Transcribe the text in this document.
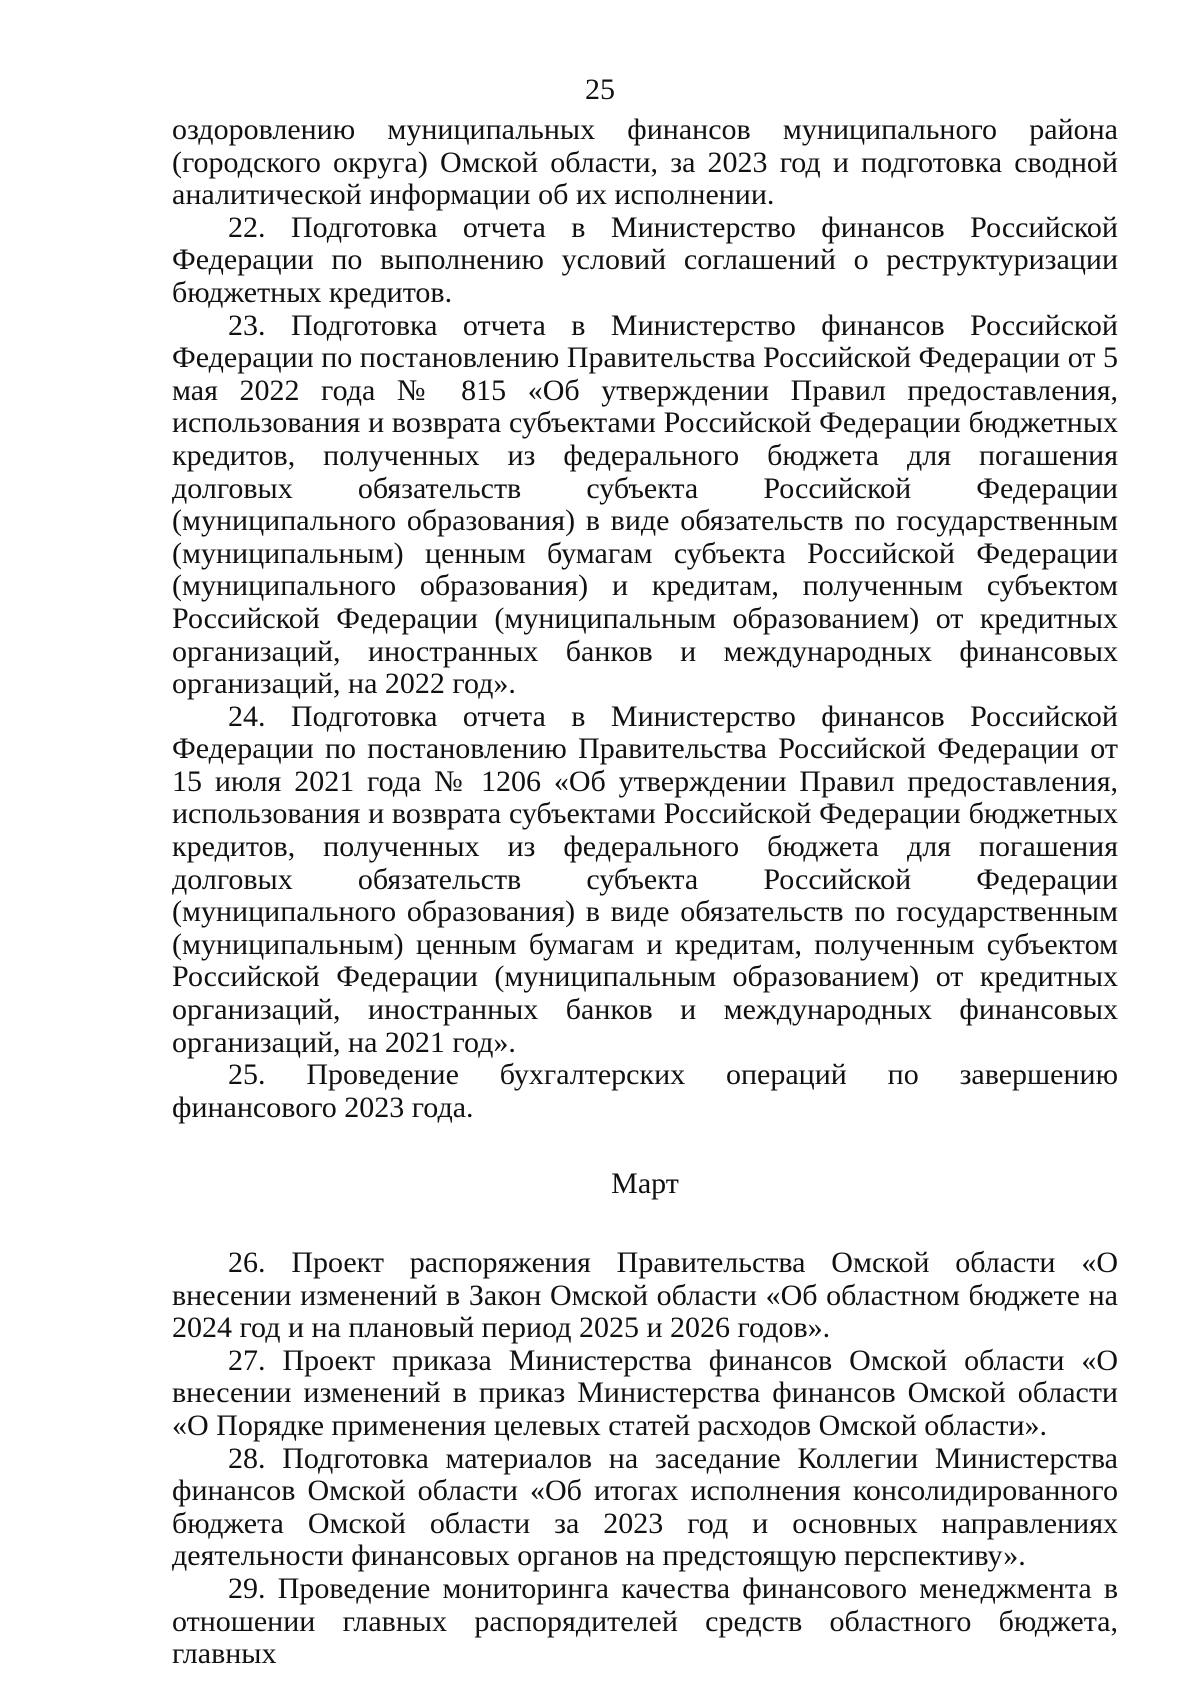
25

оздоровлению муниципальных финансов муниципального района (городского округа) Омской области, за 2023 год и подготовка сводной аналитической информации об их исполнении.

22. Подготовка отчета в Министерство финансов Российской Федерации по выполнению условий соглашений о реструктуризации бюджетных кредитов.

23. Подготовка отчета в Министерство финансов Российской Федерации по постановлению Правительства Российской Федерации от 5 мая 2022 года № 815 «Об утверждении Правил предоставления, использования и возврата субъектами Российской Федерации бюджетных кредитов, полученных из федерального бюджета для погашения долговых обязательств субъекта Российской Федерации (муниципального образования) в виде обязательств по государственным (муниципальным) ценным бумагам субъекта Российской Федерации (муниципального образования) и кредитам, полученным субъектом Российской Федерации (муниципальным образованием) от кредитных организаций, иностранных банков и международных финансовых организаций, на 2022 год».

24. Подготовка отчета в Министерство финансов Российской Федерации по постановлению Правительства Российской Федерации от 15 июля 2021 года № 1206 «Об утверждении Правил предоставления, использования и возврата субъектами Российской Федерации бюджетных кредитов, полученных из федерального бюджета для погашения долговых обязательств субъекта Российской Федерации (муниципального образования) в виде обязательств по государственным (муниципальным) ценным бумагам и кредитам, полученным субъектом Российской Федерации (муниципальным образованием) от кредитных организаций, иностранных банков и международных финансовых организаций, на 2021 год».

25. Проведение бухгалтерских операций по завершению финансового 2023 года.

Март

26. Проект распоряжения Правительства Омской области «О внесении изменений в Закон Омской области «Об областном бюджете на 2024 год и на плановый период 2025 и 2026 годов».

27. Проект приказа Министерства финансов Омской области «О внесении изменений в приказ Министерства финансов Омской области «О Порядке применения целевых статей расходов Омской области».

28. Подготовка материалов на заседание Коллегии Министерства финансов Омской области «Об итогах исполнения консолидированного бюджета Омской области за 2023 год и основных направлениях деятельности финансовых органов на предстоящую перспективу».

29. Проведение мониторинга качества финансового менеджмента в отношении главных распорядителей средств областного бюджета, главных
